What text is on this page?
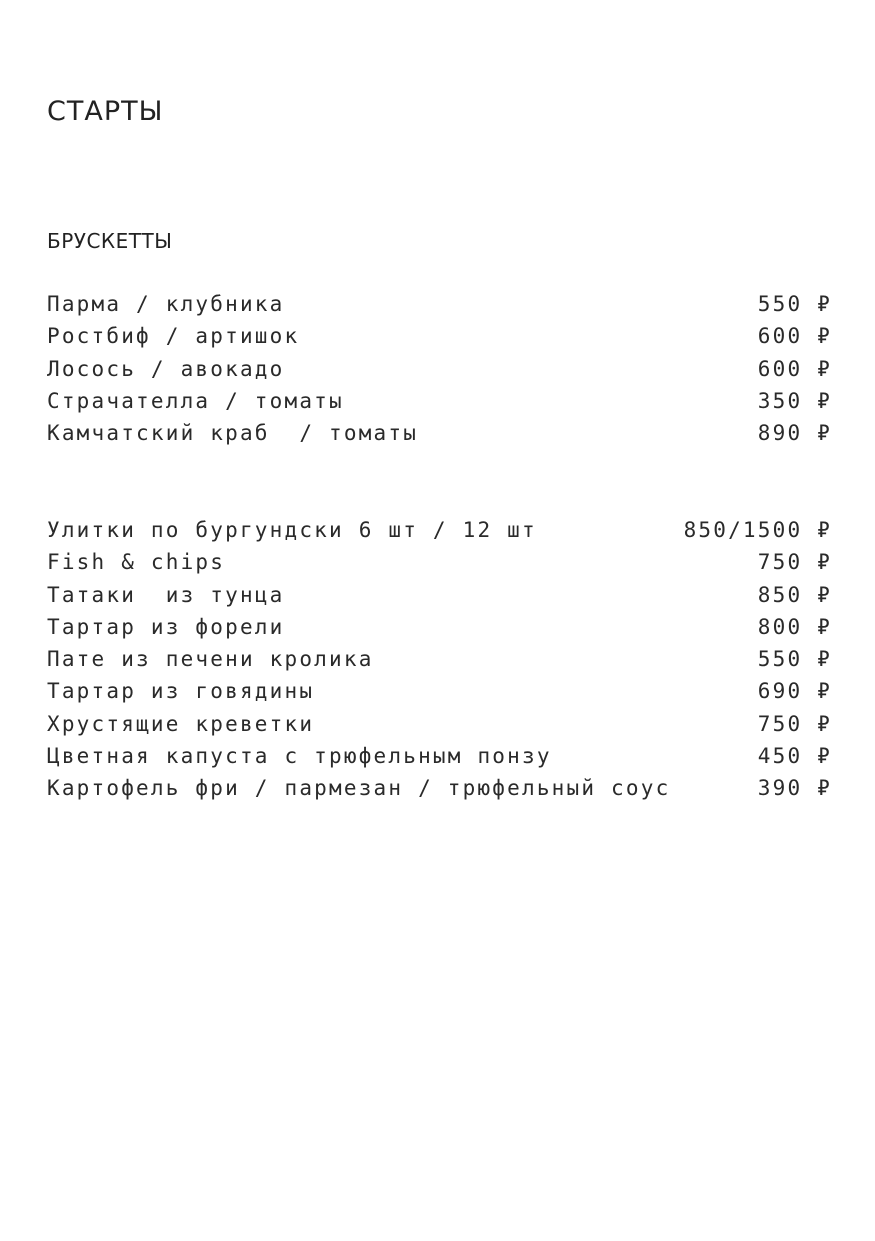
СТАРТЫ
БРУСКЕТТЫ
Парма / клубника	550 ₽
Ростбиф / артишок	600 ₽
Лосось / авокадо	600 ₽
Страчателла / томаты	350 ₽
Камчатский краб  / томаты	890 ₽
Улитки по бургундски 6 шт / 12 шт	850/1500 ₽
Fish & chips	750 ₽
Татаки  из тунца	850 ₽
Тартар из форели	800 ₽
Пате из печени кролика	550 ₽
Тартар из говядины	690 ₽
Хрустящие креветки	750 ₽
Цветная капуста с трюфельным понзу	450 ₽
Картофель фри / пармезан / трюфельный соус	390 ₽
